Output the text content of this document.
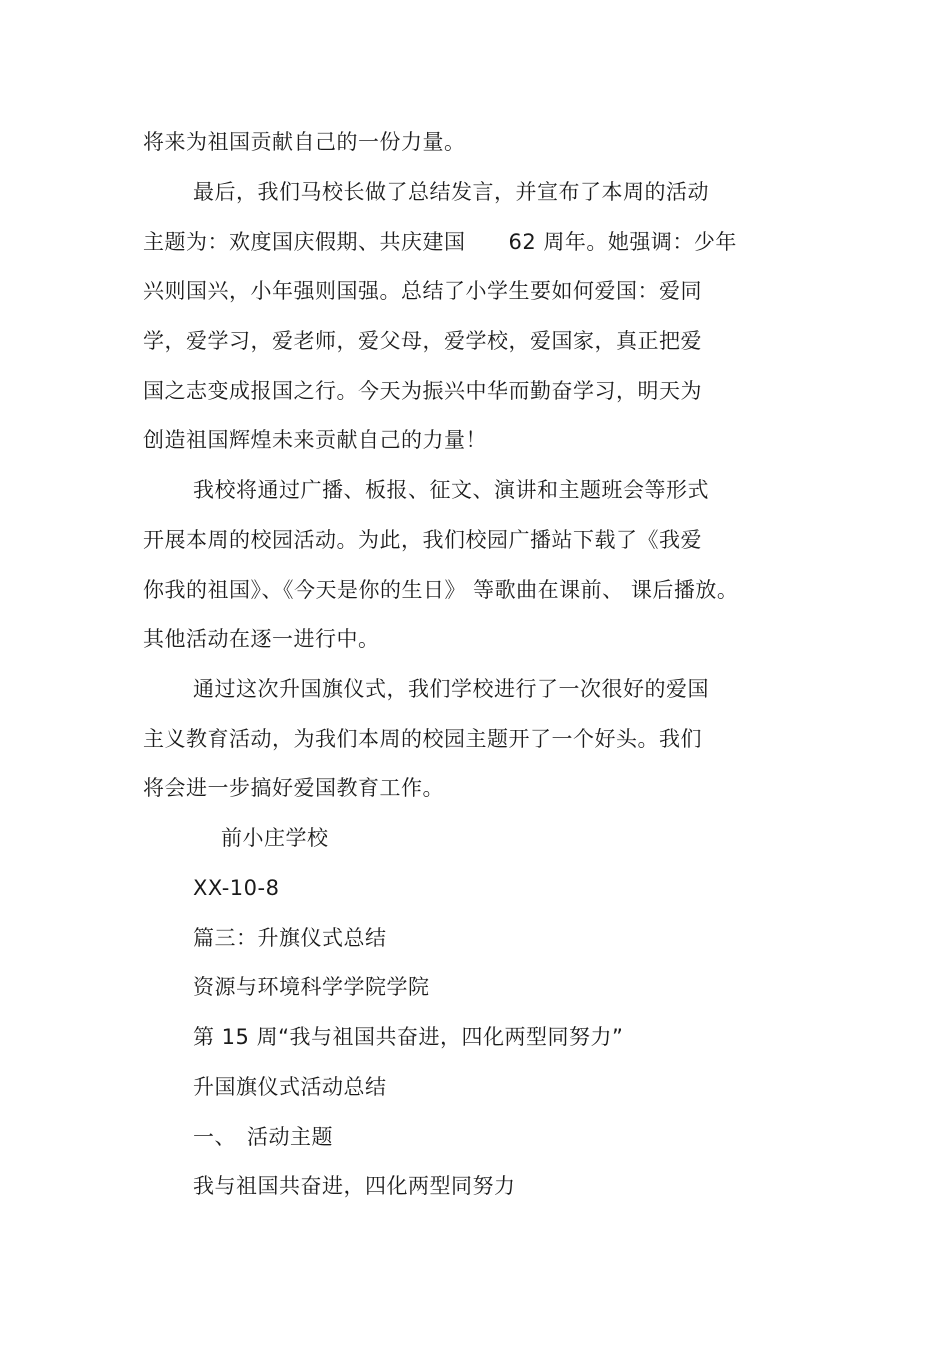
将来为祖国贡献自己的一份力量。
最后，我们马校长做了总结发言，并宣布了本周的活动
主题为：欢度国庆假期、共庆建国　　62 周年。她强调：少年
兴则国兴，小年强则国强。总结了小学生要如何爱国：爱同
学，爱学习，爱老师，爱父母，爱学校，爱国家，真正把爱
国之志变成报国之行。今天为振兴中华而勤奋学习，明天为
创造祖国辉煌未来贡献自己的力量！
我校将通过广播、板报、征文、演讲和主题班会等形式
开展本周的校园活动。为此，我们校园广播站下载了《我爱
你我的祖国》、《今天是你的生日》 等歌曲在课前、 课后播放。
其他活动在逐一进行中。
通过这次升国旗仪式，我们学校进行了一次很好的爱国
主义教育活动，为我们本周的校园主题开了一个好头。我们
将会进一步搞好爱国教育工作。
前小庄学校
XX-10-8
篇三：升旗仪式总结
资源与环境科学学院学院
第 15 周“我与祖国共奋进，四化两型同努力”
升国旗仪式活动总结
一、　活动主题
我与祖国共奋进，四化两型同努力
